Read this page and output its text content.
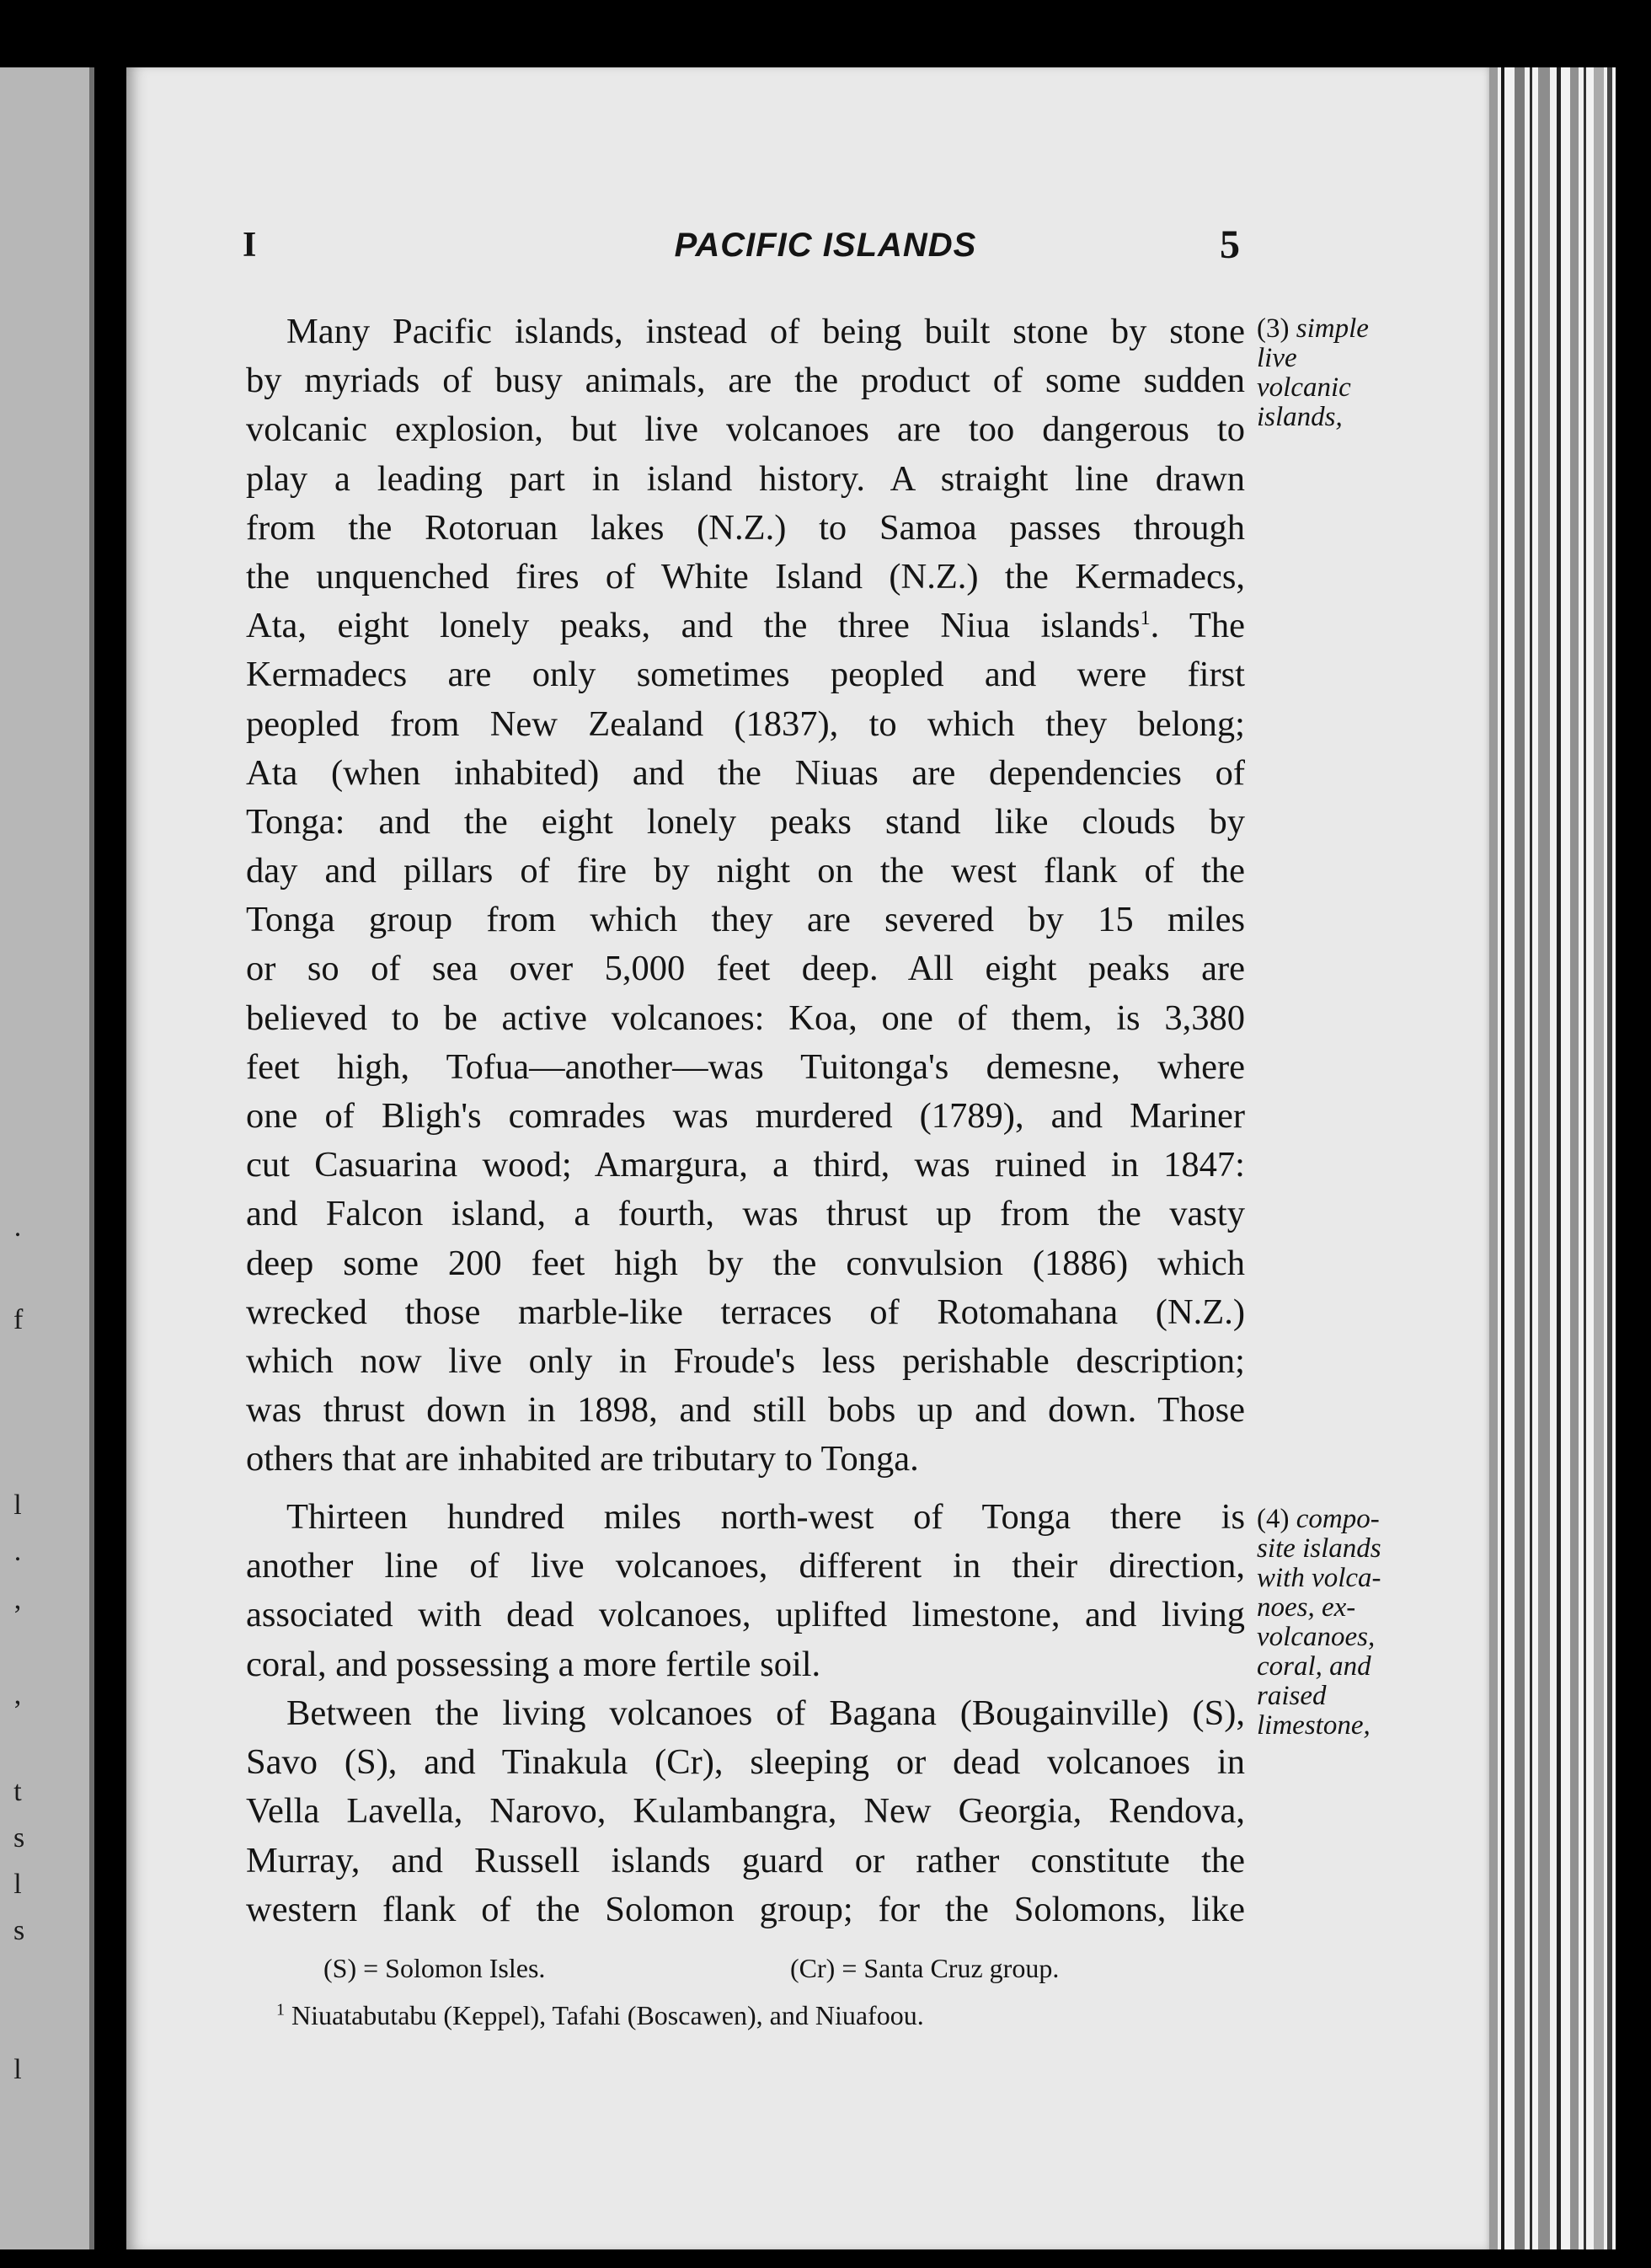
.
f
l
.
,
,
t
s
l
s
l
I	PACIFIC ISLANDS	5
Many Pacific islands, instead of being built stone by stone
by myriads of busy animals, are the product of some sudden
volcanic explosion, but live volcanoes are too dangerous to
play a leading part in island history. A straight line drawn
from the Rotoruan lakes (N.Z.) to Samoa passes through
the unquenched fires of White Island (N.Z.) the Kermadecs,
Ata, eight lonely peaks, and the three Niua islands$^1$. The
Kermadecs are only sometimes peopled and were first
peopled from New Zealand (1837), to which they belong;
Ata (when inhabited) and the Niuas are dependencies of
Tonga: and the eight lonely peaks stand like clouds by
day and pillars of fire by night on the west flank of the
Tonga group from which they are severed by 15 miles
or so of sea over 5,000 feet deep. All eight peaks are
believed to be active volcanoes: Koa, one of them, is 3,380
feet high, Tofua—another—was Tuitonga's demesne, where
one of Bligh's comrades was murdered (1789), and Mariner
cut Casuarina wood; Amargura, a third, was ruined in 1847:
and Falcon island, a fourth, was thrust up from the vasty
deep some 200 feet high by the convulsion (1886) which
wrecked those marble-like terraces of Rotomahana (N.Z.)
which now live only in Froude's less perishable description;
was thrust down in 1898, and still bobs up and down. Those
others that are inhabited are tributary to Tonga.
Thirteen hundred miles north-west of Tonga there is
another line of live volcanoes, different in their direction,
associated with dead volcanoes, uplifted limestone, and living
coral, and possessing a more fertile soil.
Between the living volcanoes of Bagana (Bougainville) (S),
Savo (S), and Tinakula (Cr), sleeping or dead volcanoes in
Vella Lavella, Narovo, Kulambangra, New Georgia, Rendova,
Murray, and Russell islands guard or rather constitute the
western flank of the Solomon group; for the Solomons, like
(3) simple
live
volcanic
islands,
(4) compo-
site islands
with volca-
noes, ex-
volcanoes,
coral, and
raised
limestone,
(S) = Solomon Isles.	(Cr) = Santa Cruz group.
$^1$ Niuatabutabu (Keppel), Tafahi (Boscawen), and Niuafoou.
